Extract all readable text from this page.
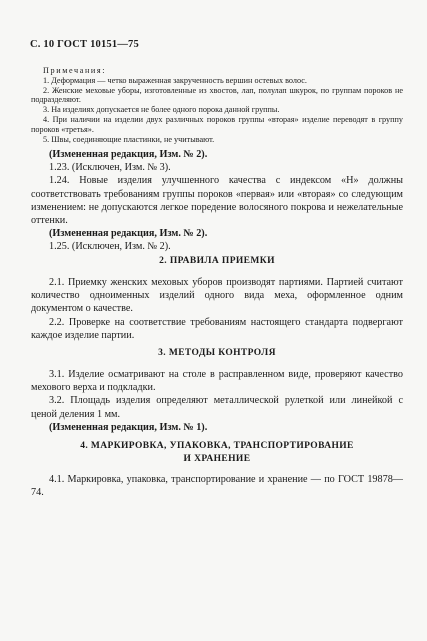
С. 10 ГОСТ 10151—75
Примечания:
1. Деформация — четко выраженная закрученность вершин остевых волос.
2. Женские меховые уборы, изготовленные из хвостов, лап, полулап шкурок, по группам пороков не подразделяют.
3. На изделиях допускается не более одного порока данной группы.
4. При наличии на изделии двух различных пороков группы «вторая» изделие переводят в группу пороков «третья».
5. Швы, соединяющие пластинки, не учитывают.
(Измененная редакция, Изм. № 2).
1.23. (Исключен, Изм. № 3).
1.24. Новые изделия улучшенного качества с индексом «Н» должны соответствовать требованиям группы пороков «первая» или «вторая» со следующим изменением: не допускаются легкое поредение волосяного покрова и нежелательные оттенки.
(Измененная редакция, Изм. № 2).
1.25. (Исключен, Изм. № 2).
2. ПРАВИЛА ПРИЕМКИ
2.1. Приемку женских меховых уборов производят партиями. Партией считают количество одноименных изделий одного вида меха, оформленное одним документом о качестве.
2.2. Проверке на соответствие требованиям настоящего стандарта подвергают каждое изделие партии.
3. МЕТОДЫ КОНТРОЛЯ
3.1. Изделие осматривают на столе в расправленном виде, проверяют качество мехового верха и подкладки.
3.2. Площадь изделия определяют металлической рулеткой или линейкой с ценой деления 1 мм.
(Измененная редакция, Изм. № 1).
4. МАРКИРОВКА, УПАКОВКА, ТРАНСПОРТИРОВАНИЕ
И ХРАНЕНИЕ
4.1. Маркировка, упаковка, транспортирование и хранение — по ГОСТ 19878—74.
